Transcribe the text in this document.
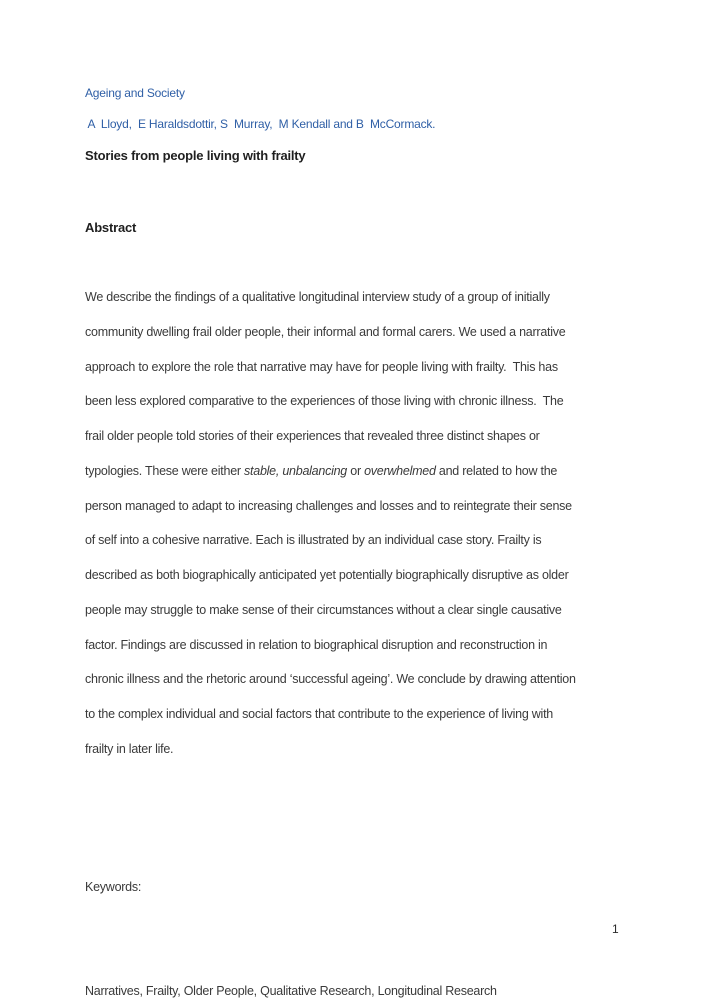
Ageing and Society
A  Lloyd,  E Haraldsdottir, S  Murray,  M Kendall and B  McCormack.
Stories from people living with frailty
Abstract
We describe the findings of a qualitative longitudinal interview study of a group of initially
community dwelling frail older people, their informal and formal carers. We used a narrative
approach to explore the role that narrative may have for people living with frailty.  This has
been less explored comparative to the experiences of those living with chronic illness.  The
frail older people told stories of their experiences that revealed three distinct shapes or
typologies. These were either stable, unbalancing or overwhelmed and related to how the
person managed to adapt to increasing challenges and losses and to reintegrate their sense
of self into a cohesive narrative. Each is illustrated by an individual case story. Frailty is
described as both biographically anticipated yet potentially biographically disruptive as older
people may struggle to make sense of their circumstances without a clear single causative
factor. Findings are discussed in relation to biographical disruption and reconstruction in
chronic illness and the rhetoric around ‘successful ageing’. We conclude by drawing attention
to the complex individual and social factors that contribute to the experience of living with
frailty in later life.

Keywords:

Narratives, Frailty, Older People, Qualitative Research, Longitudinal Research

1
